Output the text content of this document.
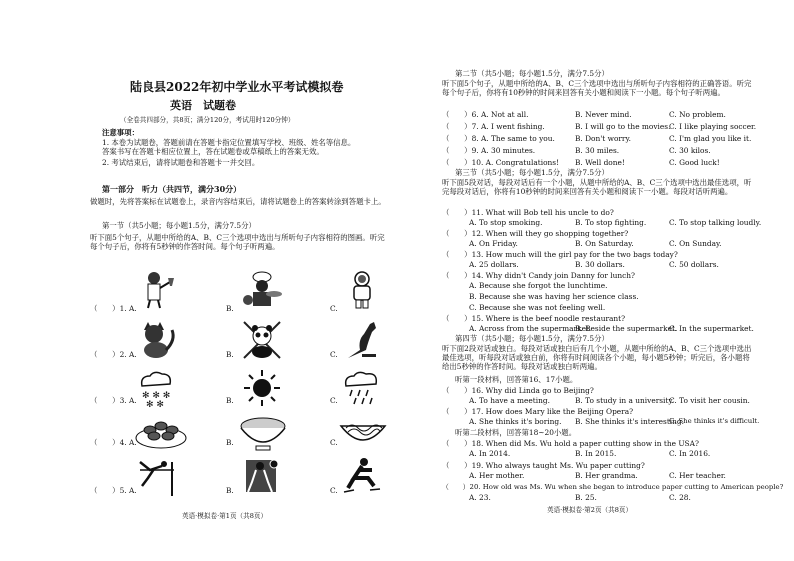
陆良县2022年初中学业水平考试模拟卷
英语　试题卷
（全卷共四部分，共8页；满分120分，考试用时120分钟）
注意事项：
1. 本卷为试题卷，答题前请在答题卡指定位置填写学校、班级、姓名等信息。答案书写在答题卡相应位置上，答在试题卷或草稿纸上的答案无效。
2. 考试结束后，请将试题卷和答题卡一并交回。
第一部分　听力（共四节，满分30分）
做题时，先将答案标在试题卷上，录音内容结束后，请将试题卷上的答案转涂到答题卡上。
第一节（共5小题；每小题1.5分，满分7.5分）
听下面5个句子，从题中所给的A、B、C三个选项中选出与所听句子内容相符的图画。听完每个句子后，你将有5秒钟的作答时间。每个句子听两遍。
（　　）1. A.	B.	C.
（　　）2. A.	B.	C.
（　　）3. A.	B.	C.
✻ ✻ ✻
✻ ✻
（　　）4. A.	B.	C.
（　　）5. A.	B.	C.
英语·模拟卷·第1页（共8页）
第二节（共5小题；每小题1.5分，满分7.5分）
听下面5个句子，从题中所给的A、B、C三个选项中选出与所听句子内容相符的正确答语。听完每个句子后，你将有10秒钟的时间来回答有关小题和阅读下一小题。每个句子听两遍。
（　　）6. A. Not at all.	B. Never mind.	C. No problem.
（　　）7. A. I went fishing.	B. I will go to the movies.
C. I like playing soccer.
（　　）8. A. The same to you.	B. Don't worry.	C. I'm glad you like it.
（　　）9. A. 30 minutes.	B. 30 miles.	C. 30 kilos.
（　　）10. A. Congratulations! B. Well done!	C. Good luck!
第三节（共5小题；每小题1.5分，满分7.5分）
听下面5段对话，每段对话后有一个小题，从题中所给的A、B、C三个选项中选出最佳选项，听完每段对话后，你将有10秒钟的时间来回答有关小题和阅读下一小题。每段对话听两遍。
（　　）11. What will Bob tell his uncle to do?
A. To stop smoking.	B. To stop fighting.	C. To stop talking loudly.
（　　）12. When will they go shopping together?
A. On Friday.	B. On Saturday.	C. On Sunday.
（　　）13. How much will the girl pay for the two bags today?
A. 25 dollars.	B. 30 dollars.	C. 50 dollars.
（　　）14. Why didn't Candy join Danny for lunch?
A. Because she forgot the lunchtime.
B. Because she was having her science class.
C. Because she was not feeling well.
（　　）15. Where is the beef noodle restaurant?
A. Across from the supermarket.
B. Beside the supermarket.
C. In the supermarket.
第四节（共5小题；每小题1.5分，满分7.5分）
听下面2段对话或独白。每段对话或独白后有几个小题，从题中所给的A、B、C三个选项中选出最佳选项，听每段对话或独白前，你将有时间阅读各个小题，每小题5秒钟；听完后，各小题将给出5秒钟的作答时间。每段对话或独白听两遍。
听第一段材料，回答第16、17小题。
（　　）16. Why did Linda go to Beijing?
A. To have a meeting.	B. To study in a university.
C. To visit her cousin.
（　　）17. How does Mary like the Beijing Opera?
A. She thinks it's boring. B. She thinks it's interesting.
C. She thinks it's difficult.
听第二段材料，回答第18~20小题。
（　　）18. When did Ms. Wu hold a paper cutting show in the USA?
A. In 2014.	B. In 2015.	C. In 2016.
（　　）19. Who always taught Ms. Wu paper cutting?
A. Her mother.	B. Her grandma.	C. Her teacher.
（　　）20. How old was Ms. Wu when she began to introduce paper cutting to American people?
A. 23.	B. 25.	C. 28.
英语·模拟卷·第2页（共8页）
